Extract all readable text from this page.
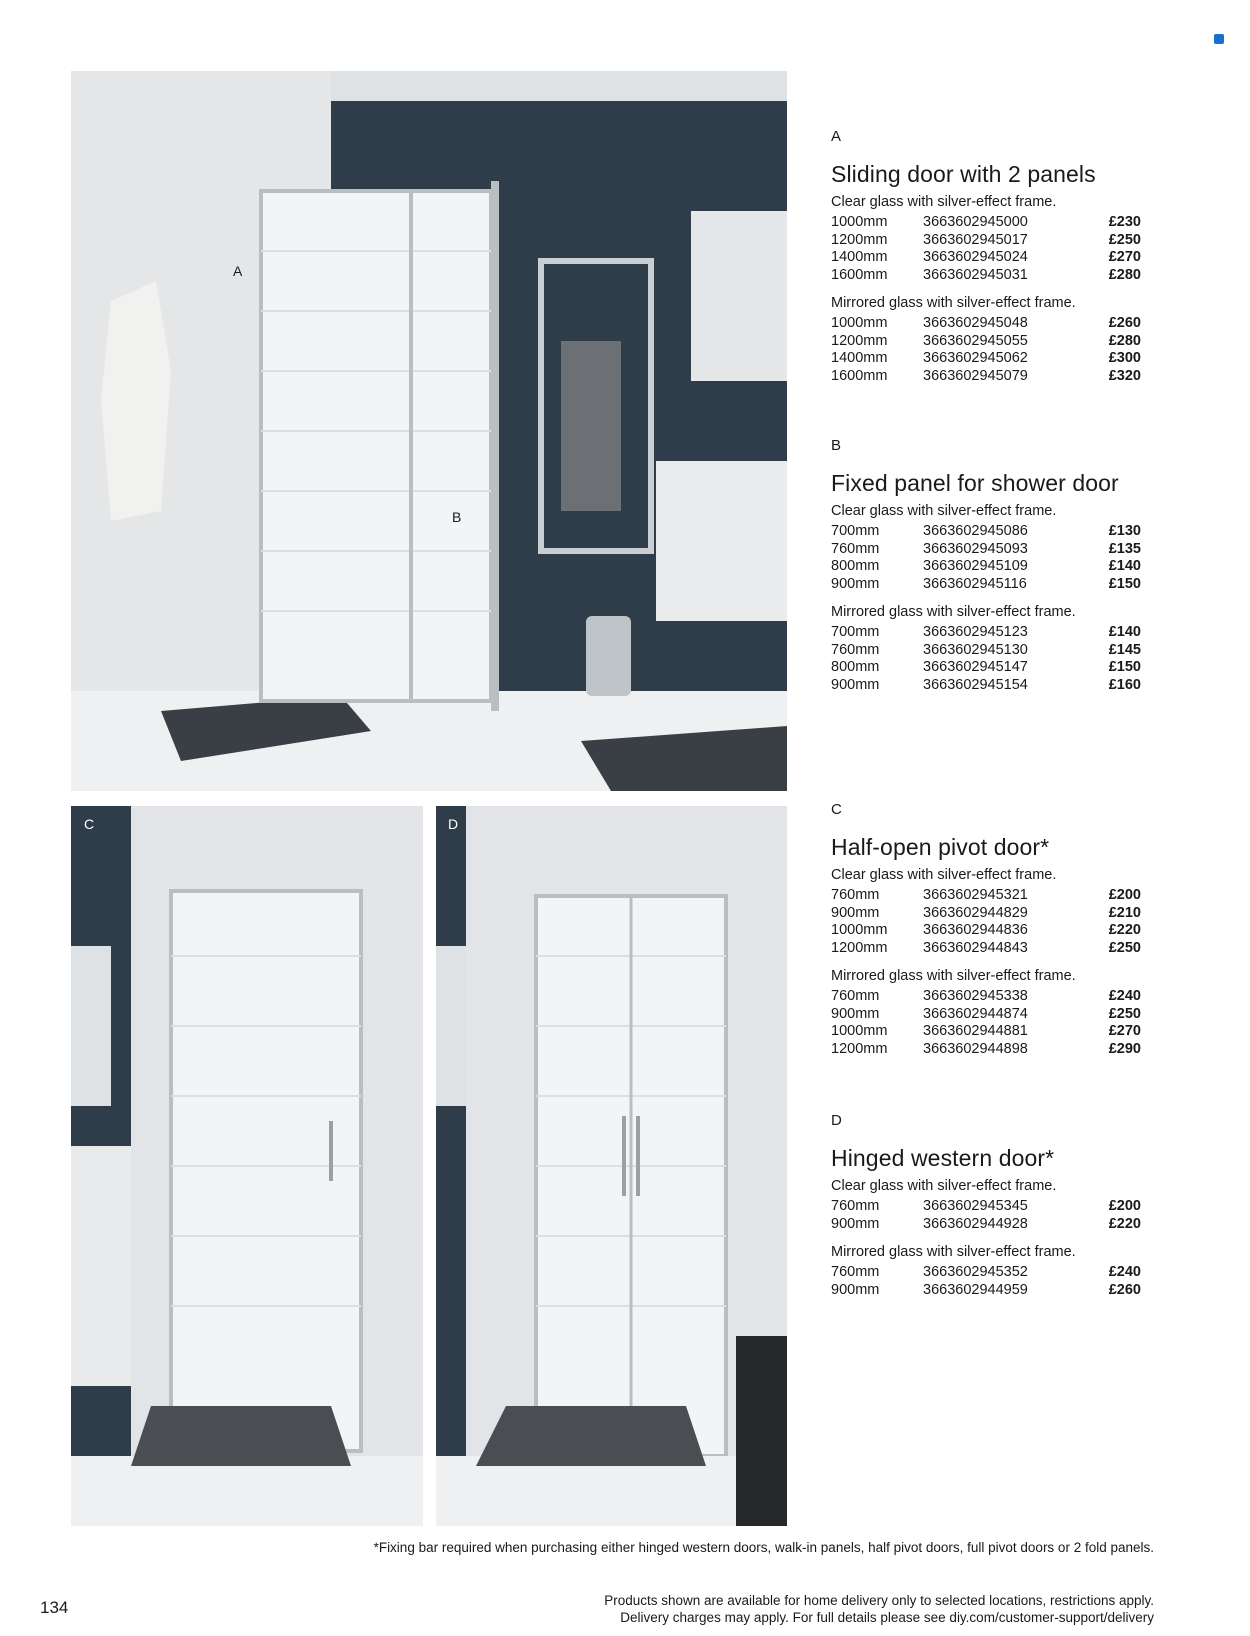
A
B
C	D
A
Sliding door with 2 panels
Clear glass with silver-effect frame.
1000mm	3663602945000	£230
1200mm	3663602945017	£250
1400mm	3663602945024	£270
1600mm	3663602945031	£280
Mirrored glass with silver-effect frame.
1000mm	3663602945048	£260
1200mm	3663602945055	£280
1400mm	3663602945062	£300
1600mm	3663602945079	£320
B
Fixed panel for shower door
Clear glass with silver-effect frame.
700mm	3663602945086	£130
760mm	3663602945093	£135
800mm	3663602945109	£140
900mm	3663602945116	£150
Mirrored glass with silver-effect frame.
700mm	3663602945123	£140
760mm	3663602945130	£145
800mm	3663602945147	£150
900mm	3663602945154	£160
C
Half-open pivot door*
Clear glass with silver-effect frame.
760mm	3663602945321	£200
900mm	3663602944829	£210
1000mm	3663602944836	£220
1200mm	3663602944843	£250
Mirrored glass with silver-effect frame.
760mm	3663602945338	£240
900mm	3663602944874	£250
1000mm	3663602944881	£270
1200mm	3663602944898	£290
D
Hinged western door*
Clear glass with silver-effect frame.
760mm	3663602945345	£200
900mm	3663602944928	£220
Mirrored glass with silver-effect frame.
760mm	3663602945352	£240
900mm	3663602944959	£260
*Fixing bar required when purchasing either hinged western doors, walk-in panels, half pivot doors, full pivot doors or 2 fold panels.
134	Products shown are available for home delivery only to selected locations, restrictions apply.
Delivery charges may apply. For full details please see diy.com/customer-support/delivery
